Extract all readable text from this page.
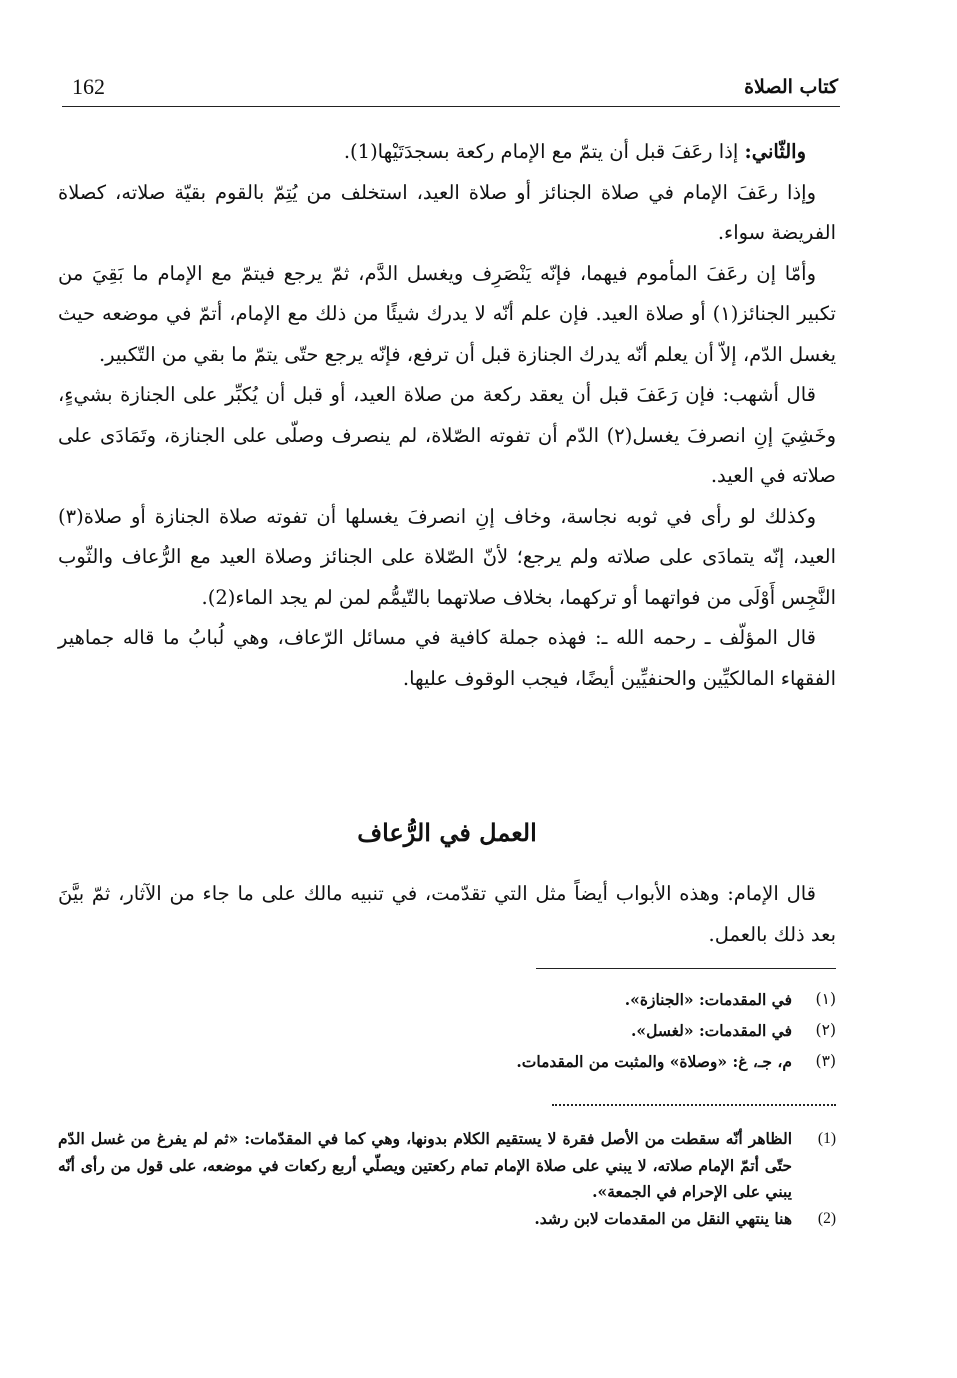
162	كتاب الصلاة

والثّاني: إذا رعَفَ قبل أن يتمّ مع الإمام ركعة بسجدَتَيْها(1).

وإذا رعَفَ الإمام في صلاة الجنائز أو صلاة العيد، استخلف من يُتِمّ بالقوم بقيّة صلاته، كصلاة الفريضة سواء.

وأمّا إن رعَفَ المأموم فيهما، فإنّه يَنْصَرِف ويغسل الدَّم، ثمّ يرجع فيتمّ مع الإمام ما بَقِيَ من تكبير الجنائز(١) أو صلاة العيد. فإن علم أنّه لا يدرك شيئًا من ذلك مع الإمام، أتمّ في موضعه حيث يغسل الدّم، إلاّ أن يعلم أنّه يدرك الجنازة قبل أن ترفع، فإنّه يرجع حتّى يتمّ ما بقي من التّكبير.

قال أشهب: فإن رَعَفَ قبل أن يعقد ركعة من صلاة العيد، أو قبل أن يُكبِّر على الجنازة بشيءٍ، وخَشِيَ إنِ انصرفَ يغسل(٢) الدّم أن تفوته الصّلاة، لم ينصرف وصلّى على الجنازة، وتَمَادَى على صلاته في العيد.

وكذلك لو رأى في ثوبه نجاسة، وخاف إنِ انصرفَ يغسلها أن تفوته صلاة الجنازة أو صلاة(٣) العيد، إنّه يتمادَى على صلاته ولم يرجع؛ لأنّ الصّلاة على الجنائز وصلاة العيد مع الرُّعاف والثّوب النَّجِس أَوْلَى من فواتهما أو تركهما، بخلاف صلاتهما بالتّيمُّم لمن لم يجد الماء(2).

قال المؤلّف ـ رحمه الله ـ: فهذه جملة كافية في مسائل الرّعاف، وهي لُبابُ ما قاله جماهير الفقهاء المالكيِّين والحنفيِّين أيضًا، فيجب الوقوف عليها.

العمل في الرُّعاف

قال الإمام: وهذه الأبواب أيضاً مثل التي تقدّمت، في تنبيه مالك على ما جاء من الآثار، ثمّ بيَّنَ بعد ذلك بالعمل.

(١)
في المقدمات: «الجنازة».
(٢)
في المقدمات: «لغسل».
(٣)
م، جـ، غ: «وصلاة» والمثبت من المقدمات.
(1)
الظاهر أنّه سقطت من الأصل فقرة لا يستقيم الكلام بدونها، وهي كما في المقدّمات: «ثم لم يفرغ من غسل الدّم حتّى أتمّ الإمام صلاته، لا يبني على صلاة الإمام تمام ركعتين ويصلّي أربع ركعات في موضعه، على قول من رأى أنّه يبني على الإحرام في الجمعة».
(2)
هنا ينتهي النقل من المقدمات لابن رشد.
